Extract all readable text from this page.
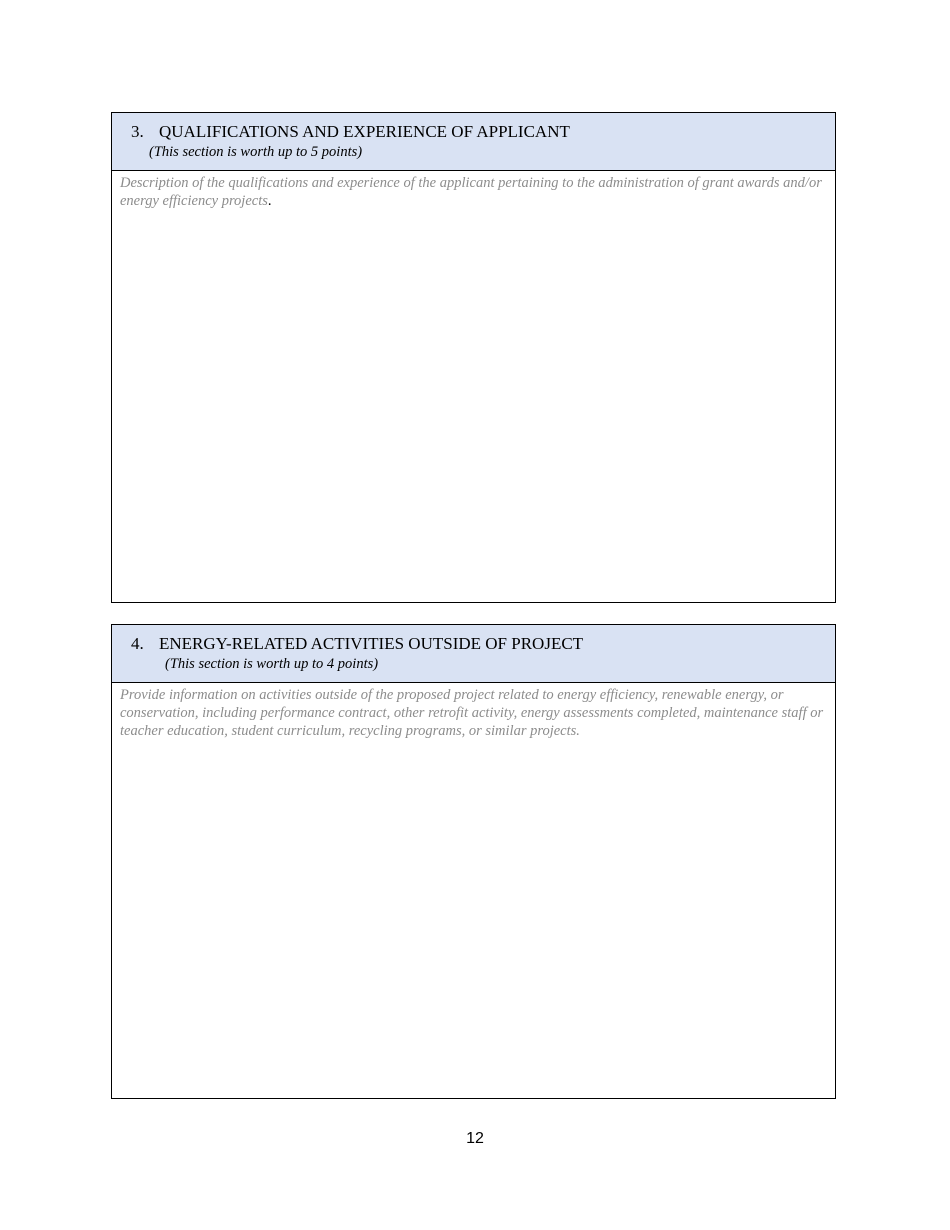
3. QUALIFICATIONS AND EXPERIENCE OF APPLICANT
(This section is worth up to 5 points)
Description of the qualifications and experience of the applicant pertaining to the administration of grant awards and/or energy efficiency projects.
4. ENERGY-RELATED ACTIVITIES OUTSIDE OF PROJECT
(This section is worth up to 4 points)
Provide information on activities outside of the proposed project related to energy efficiency, renewable energy, or conservation, including performance contract, other retrofit activity, energy assessments completed, maintenance staff or teacher education, student curriculum, recycling programs, or similar projects.
12
